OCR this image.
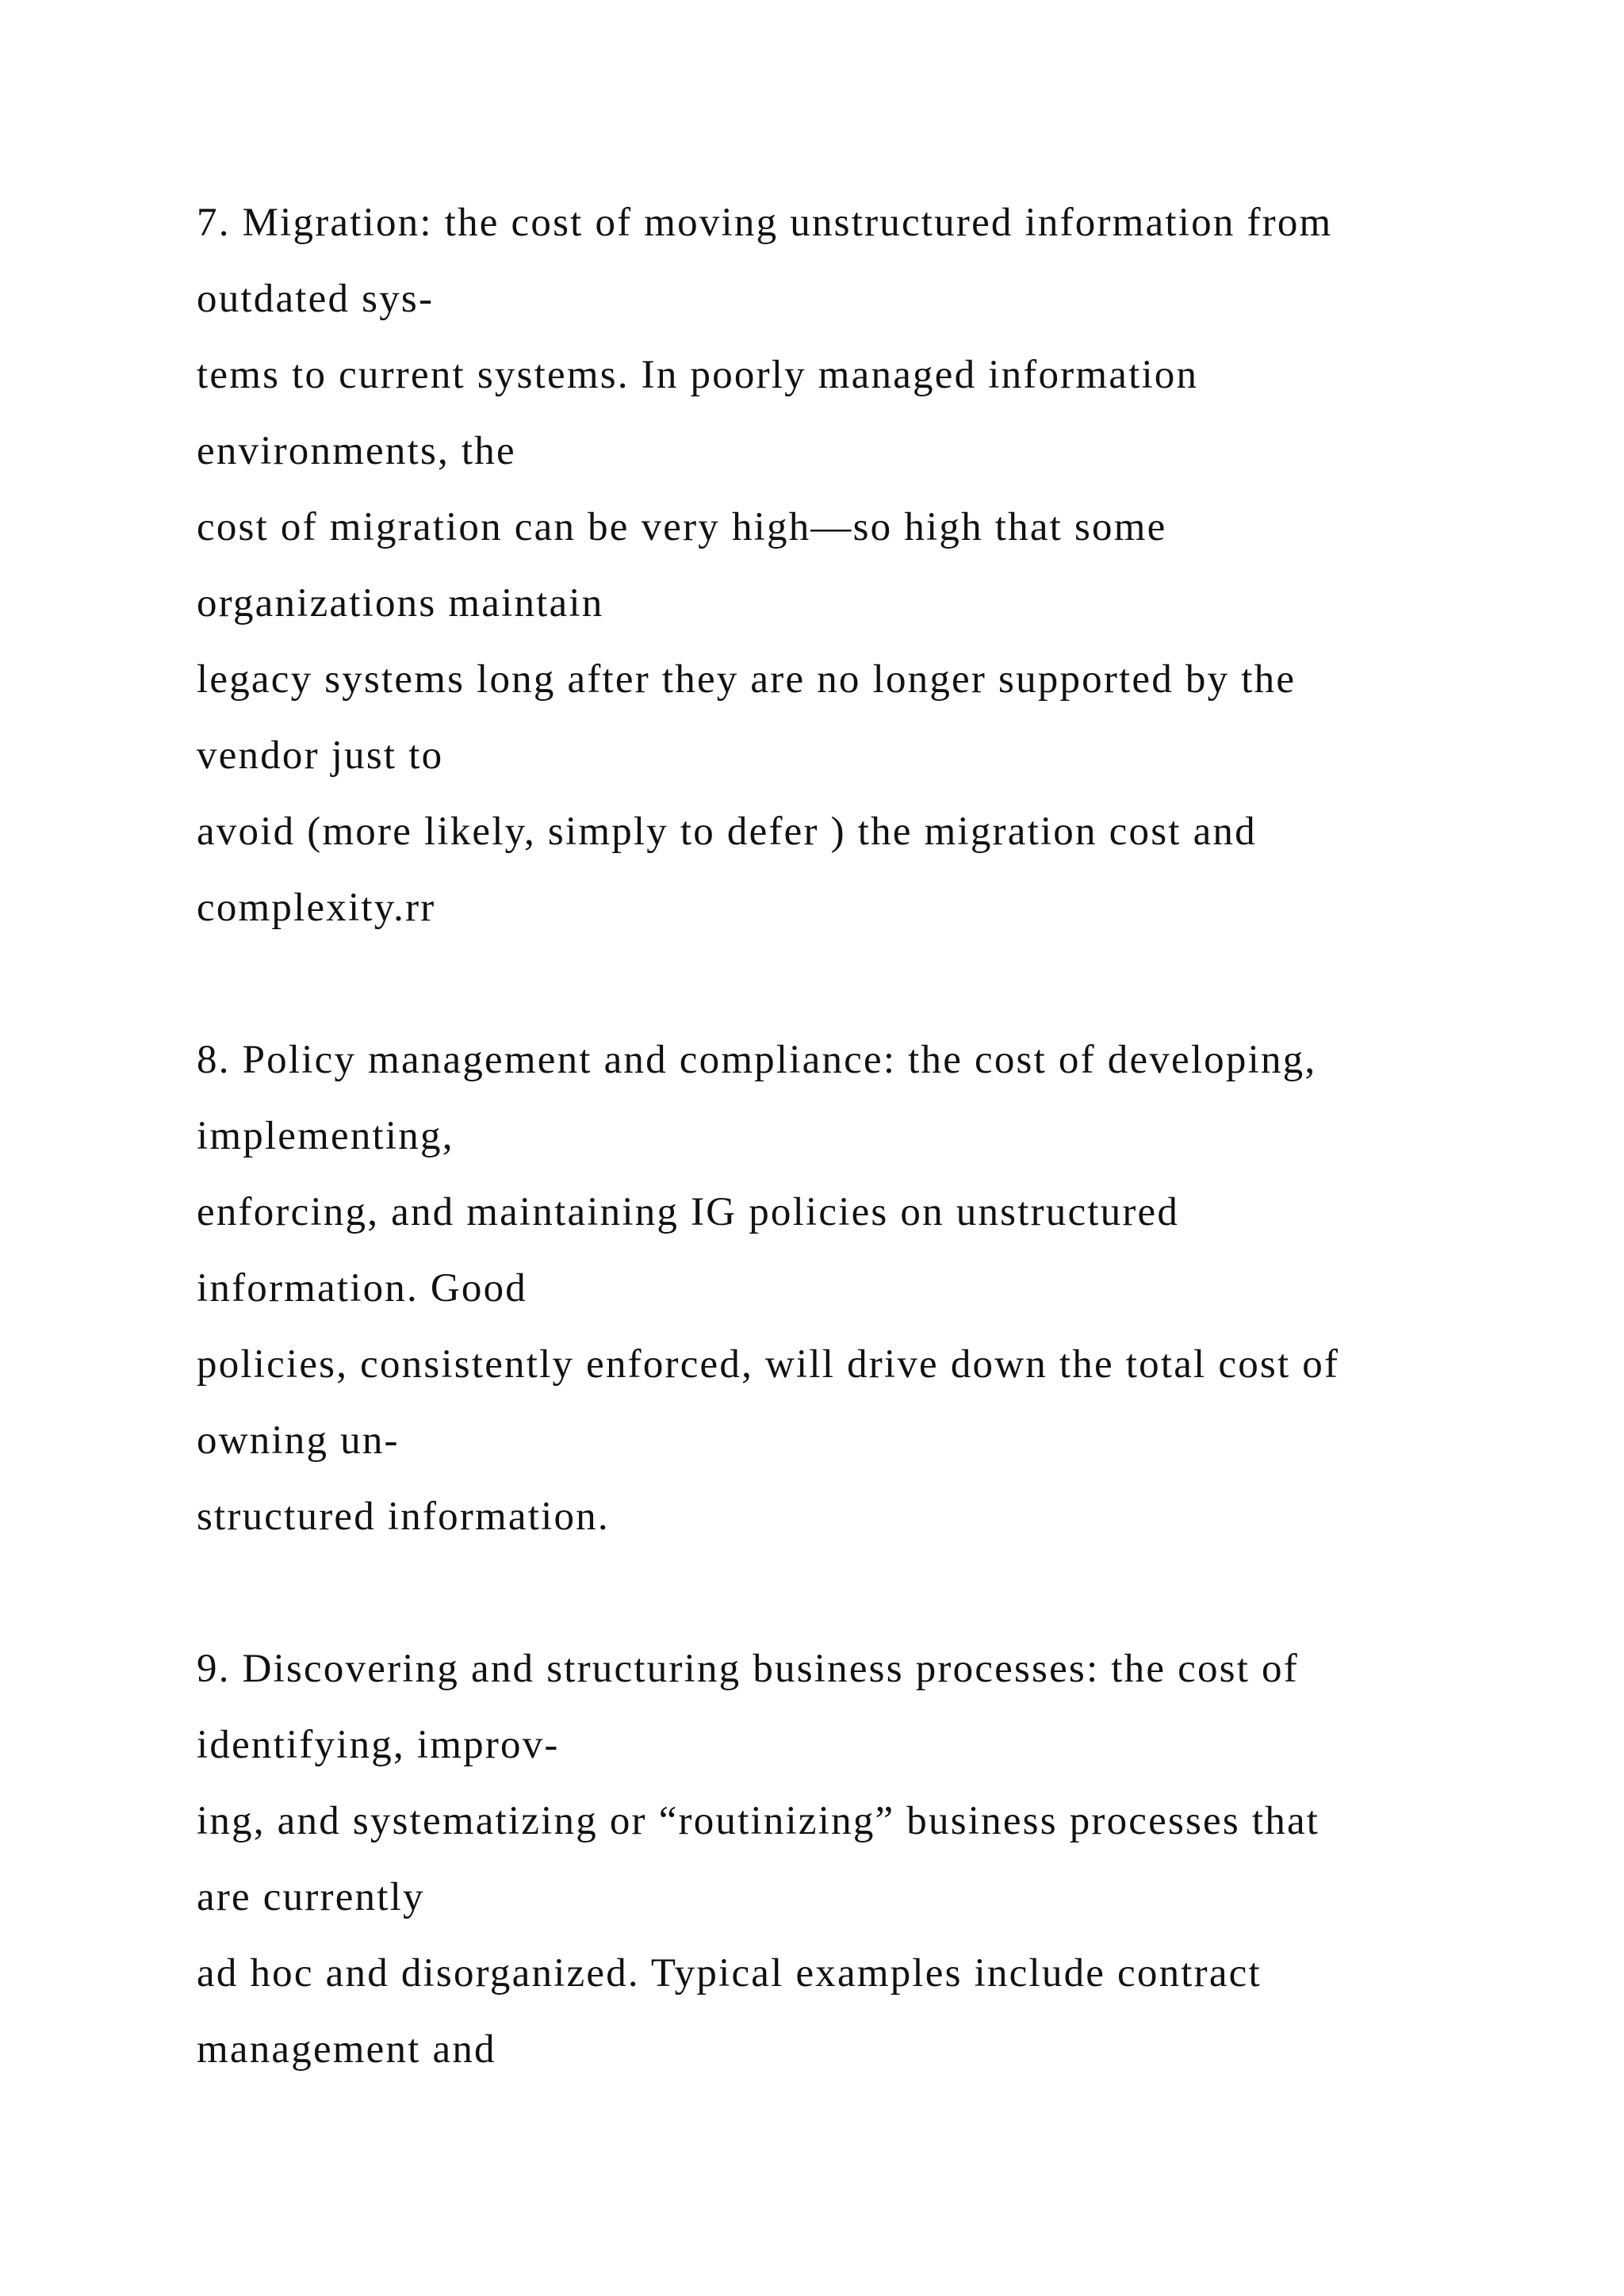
7. Migration: the cost of moving unstructured information from

outdated sys-

tems to current systems. In poorly managed information

environments, the

cost of migration can be very high—so high that some

organizations maintain

legacy systems long after they are no longer supported by the

vendor just to

avoid (more likely, simply to defer ) the migration cost and

complexity.rr

8. Policy management and compliance: the cost of developing,

implementing,

enforcing, and maintaining IG policies on unstructured

information. Good

policies, consistently enforced, will drive down the total cost of

owning un-

structured information.

9. Discovering and structuring business processes: the cost of

identifying, improv-

ing, and systematizing or “routinizing” business processes that

are currently

ad hoc and disorganized. Typical examples include contract

management and
